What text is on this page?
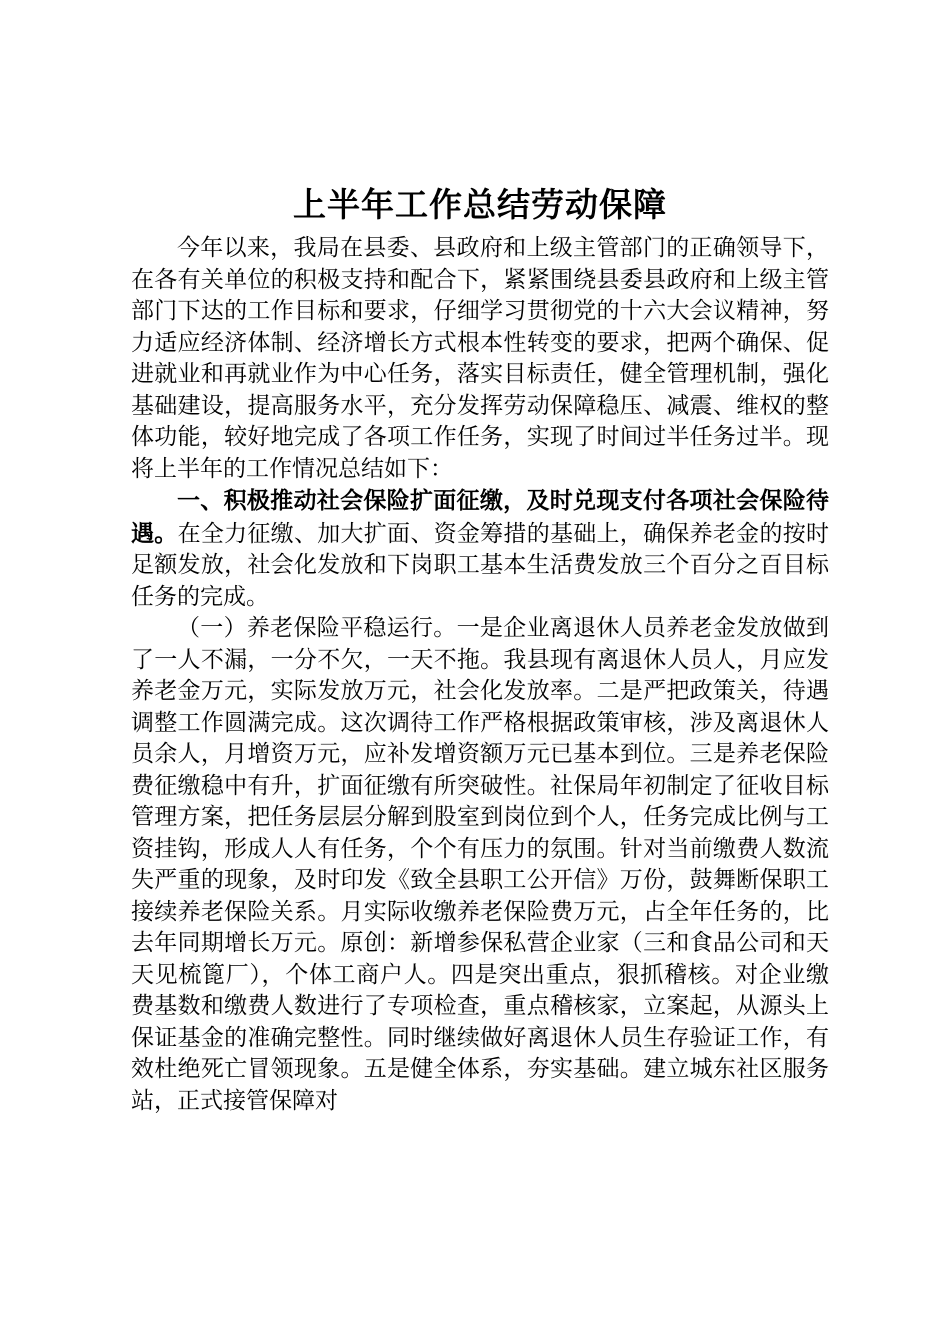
上半年工作总结劳动保障

今年以来，我局在县委、县政府和上级主管部门的正确领导下，在各有关单位的积极支持和配合下，紧紧围绕县委县政府和上级主管部门下达的工作目标和要求，仔细学习贯彻党的十六大会议精神，努力适应经济体制、经济增长方式根本性转变的要求，把两个确保、促进就业和再就业作为中心任务，落实目标责任，健全管理机制，强化基础建设，提高服务水平，充分发挥劳动保障稳压、减震、维权的整体功能，较好地完成了各项工作任务，实现了时间过半任务过半。现将上半年的工作情况总结如下：

一、积极推动社会保险扩面征缴，及时兑现支付各项社会保险待遇。在全力征缴、加大扩面、资金筹措的基础上，确保养老金的按时足额发放，社会化发放和下岗职工基本生活费发放三个百分之百目标任务的完成。

（一）养老保险平稳运行。一是企业离退休人员养老金发放做到了一人不漏，一分不欠，一天不拖。我县现有离退休人员人，月应发养老金万元，实际发放万元，社会化发放率。二是严把政策关，待遇调整工作圆满完成。这次调待工作严格根据政策审核，涉及离退休人员余人，月增资万元，应补发增资额万元已基本到位。三是养老保险费征缴稳中有升，扩面征缴有所突破性。社保局年初制定了征收目标管理方案，把任务层层分解到股室到岗位到个人，任务完成比例与工资挂钩，形成人人有任务，个个有压力的氛围。针对当前缴费人数流失严重的现象，及时印发《致全县职工公开信》万份，鼓舞断保职工接续养老保险关系。月实际收缴养老保险费万元，占全年任务的，比去年同期增长万元。原创：新增参保私营企业家（三和食品公司和天天见梳篦厂），个体工商户人。四是突出重点，狠抓稽核。对企业缴费基数和缴费人数进行了专项检查，重点稽核家，立案起，从源头上保证基金的准确完整性。同时继续做好离退休人员生存验证工作，有效杜绝死亡冒领现象。五是健全体系，夯实基础。建立城东社区服务站，正式接管保障对
